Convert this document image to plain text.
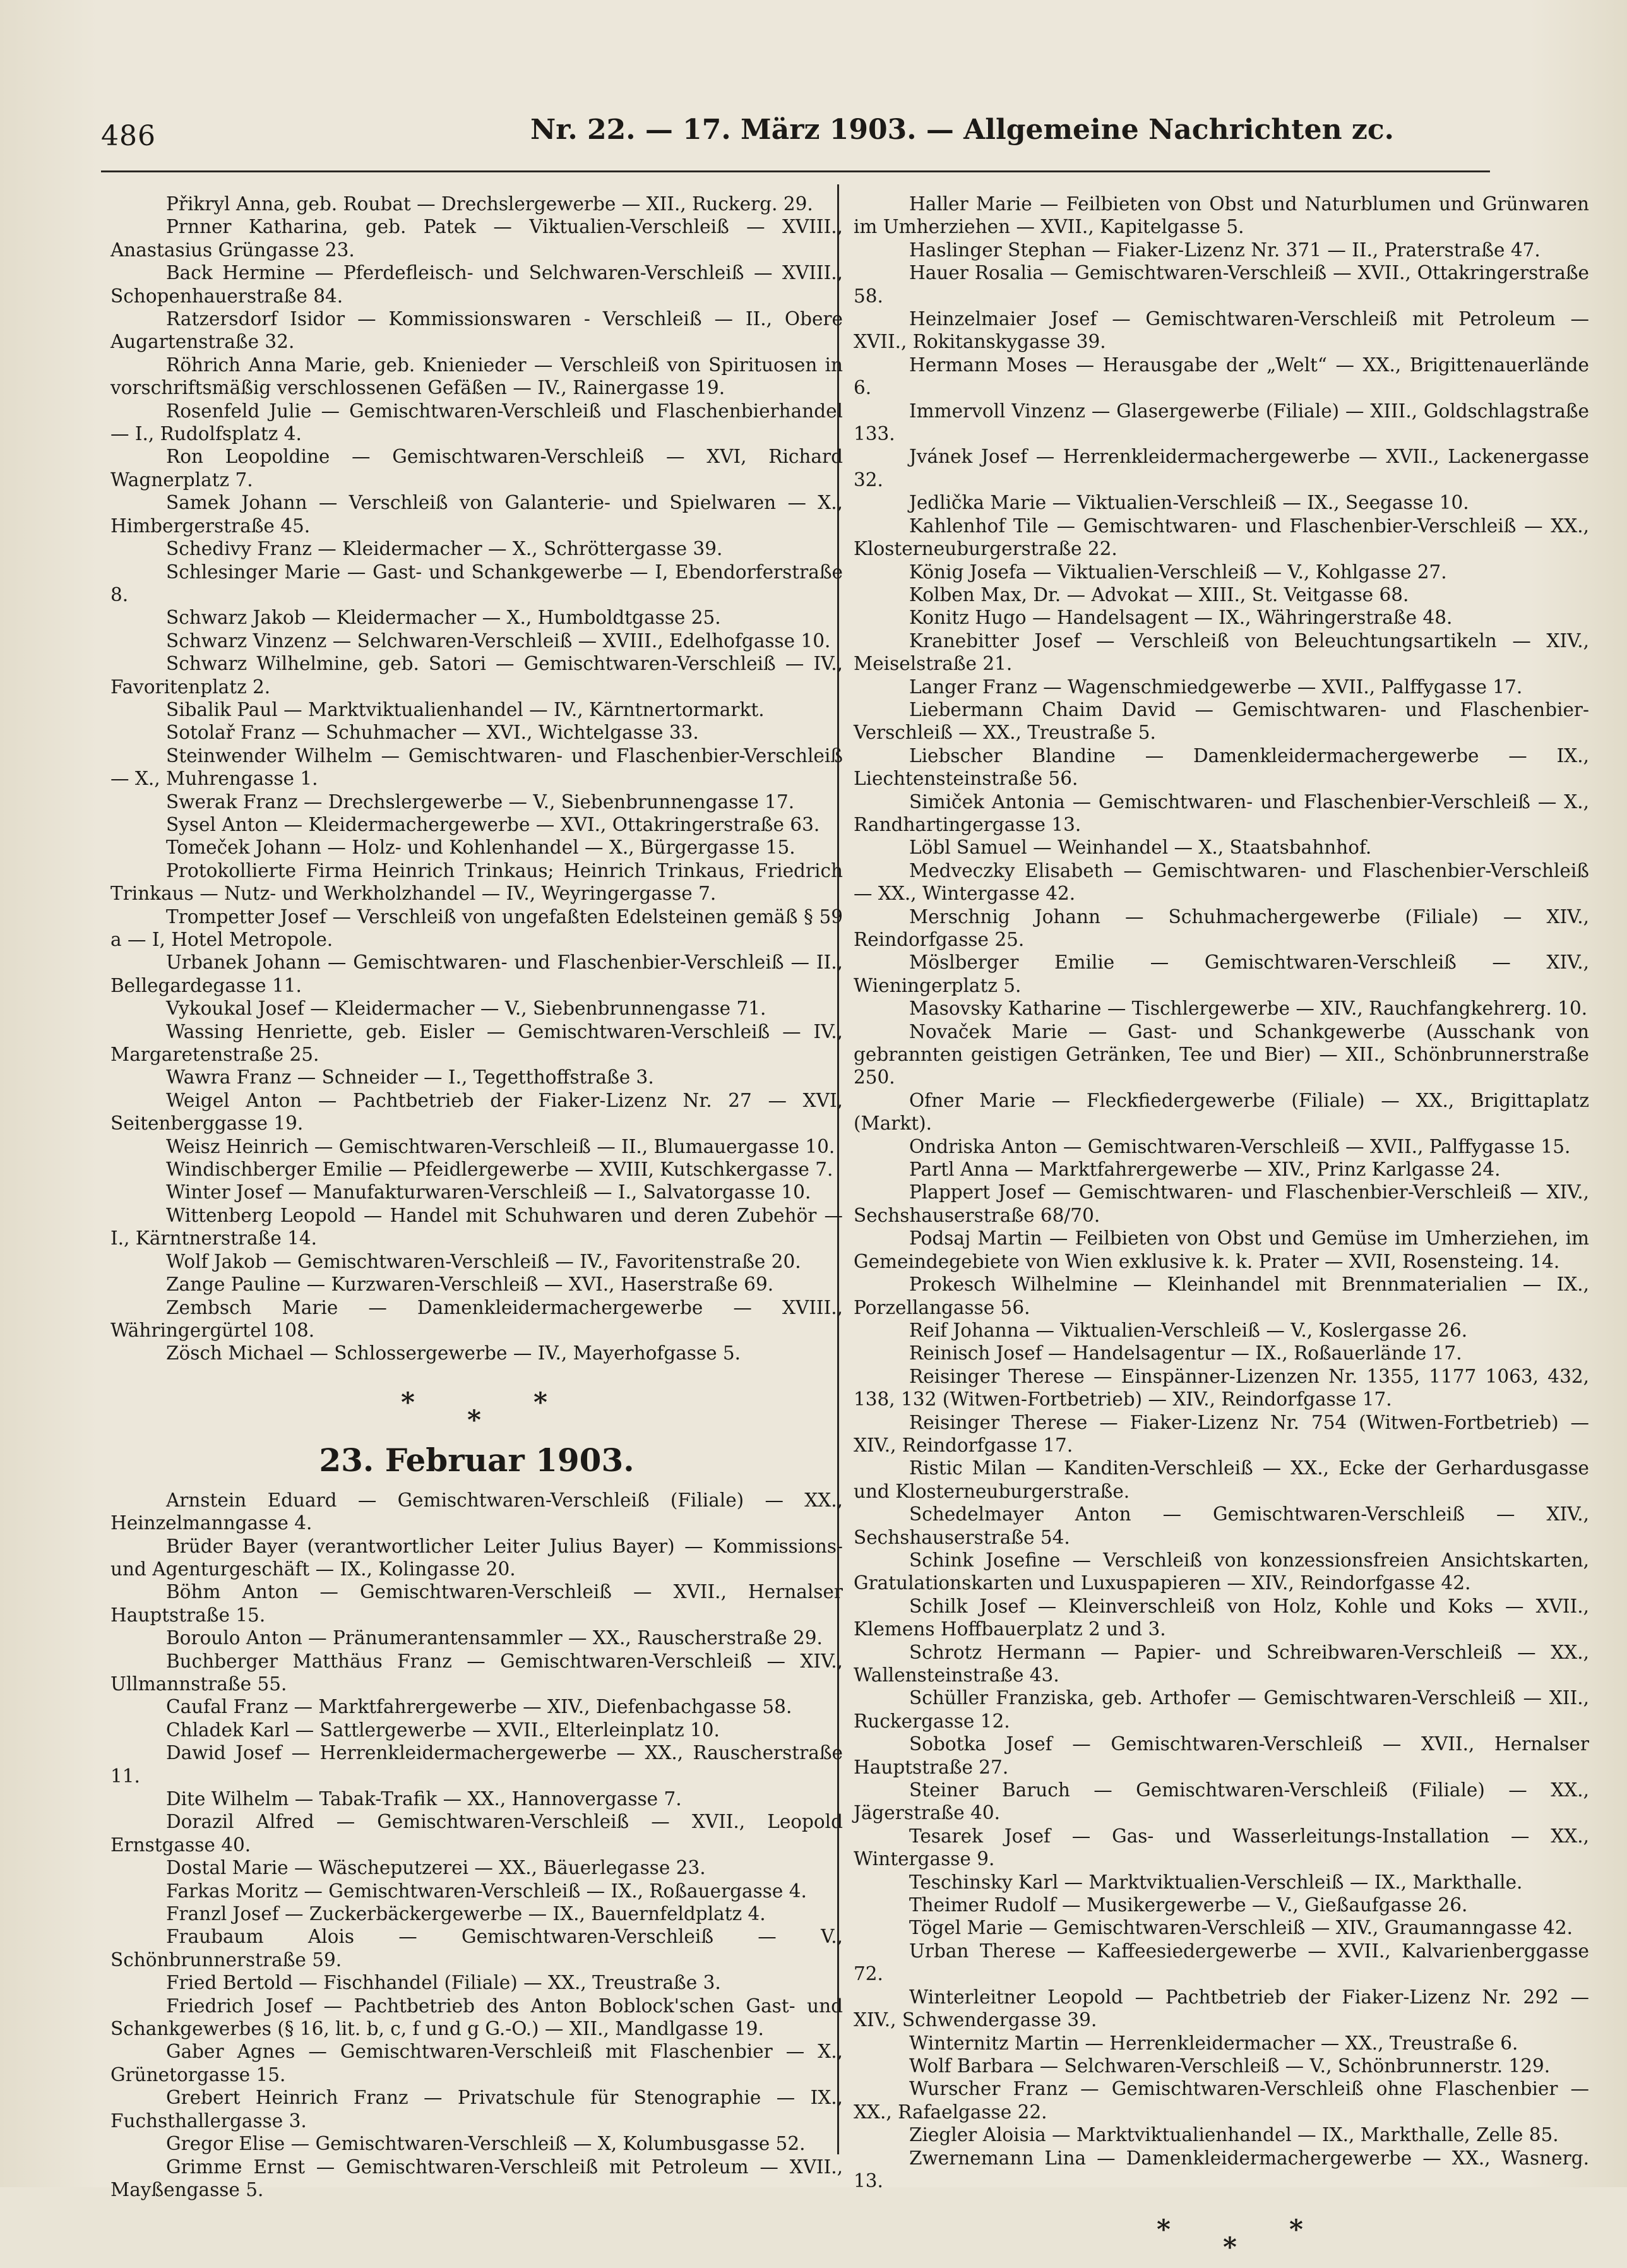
486	Nr. 22. — 17. März 1903. — Allgemeine Nachrichten zc.

Přikryl Anna, geb. Roubat — Drechslergewerbe — XII., Ruckerg. 29.

Prnner Katharina, geb. Patek — Viktualien-Verschleiß — XVIII., Anastasius Grüngasse 23.

Back Hermine — Pferdefleisch- und Selchwaren-Verschleiß — XVIII., Schopenhauerstraße 84.

Ratzersdorf Isidor — Kommissionswaren - Verschleiß — II., Obere Augartenstraße 32.

Röhrich Anna Marie, geb. Knienieder — Verschleiß von Spirituosen in vorschriftsmäßig verschlossenen Gefäßen — IV., Rainergasse 19.

Rosenfeld Julie — Gemischtwaren-Verschleiß und Flaschenbierhandel — I., Rudolfsplatz 4.

Ron Leopoldine — Gemischtwaren-Verschleiß — XVI, Richard Wagnerplatz 7.

Samek Johann — Verschleiß von Galanterie- und Spielwaren — X., Himbergerstraße 45.

Schedivy Franz — Kleidermacher — X., Schröttergasse 39.

Schlesinger Marie — Gast- und Schankgewerbe — I, Ebendorferstraße 8.

Schwarz Jakob — Kleidermacher — X., Humboldtgasse 25.

Schwarz Vinzenz — Selchwaren-Verschleiß — XVIII., Edelhofgasse 10.

Schwarz Wilhelmine, geb. Satori — Gemischtwaren-Verschleiß — IV., Favoritenplatz 2.

Sibalik Paul — Marktviktualienhandel — IV., Kärntnertormarkt.

Sotolař Franz — Schuhmacher — XVI., Wichtelgasse 33.

Steinwender Wilhelm — Gemischtwaren- und Flaschenbier-Verschleiß — X., Muhrengasse 1.

Swerak Franz — Drechslergewerbe — V., Siebenbrunnengasse 17.

Sysel Anton — Kleidermachergewerbe — XVI., Ottakringerstraße 63.

Tomeček Johann — Holz- und Kohlenhandel — X., Bürgergasse 15.

Protokollierte Firma Heinrich Trinkaus; Heinrich Trinkaus, Friedrich Trinkaus — Nutz- und Werkholzhandel — IV., Weyringergasse 7.

Trompetter Josef — Verschleiß von ungefaßten Edelsteinen gemäß § 59 a — I, Hotel Metropole.

Urbanek Johann — Gemischtwaren- und Flaschenbier-Verschleiß — II., Bellegardegasse 11.

Vykoukal Josef — Kleidermacher — V., Siebenbrunnengasse 71.

Wassing Henriette, geb. Eisler — Gemischtwaren-Verschleiß — IV., Margaretenstraße 25.

Wawra Franz — Schneider — I., Tegetthoffstraße 3.

Weigel Anton — Pachtbetrieb der Fiaker-Lizenz Nr. 27 — XVI, Seitenberggasse 19.

Weisz Heinrich — Gemischtwaren-Verschleiß — II., Blumauergasse 10.

Windischberger Emilie — Pfeidlergewerbe — XVIII, Kutschkergasse 7.

Winter Josef — Manufakturwaren-Verschleiß — I., Salvatorgasse 10.

Wittenberg Leopold — Handel mit Schuhwaren und deren Zubehör — I., Kärntnerstraße 14.

Wolf Jakob — Gemischtwaren-Verschleiß — IV., Favoritenstraße 20.

Zange Pauline — Kurzwaren-Verschleiß — XVI., Haserstraße 69.

Zembsch Marie — Damenkleidermachergewerbe — XVIII., Währingergürtel 108.

Zösch Michael — Schlossergewerbe — IV., Mayerhofgasse 5.

*
*
*
23. Februar 1903.

Arnstein Eduard — Gemischtwaren-Verschleiß (Filiale) — XX., Heinzelmanngasse 4.

Brüder Bayer (verantwortlicher Leiter Julius Bayer) — Kommissions- und Agenturgeschäft — IX., Kolingasse 20.

Böhm Anton — Gemischtwaren-Verschleiß — XVII., Hernalser Hauptstraße 15.

Boroulo Anton — Pränumerantensammler — XX., Rauscherstraße 29.

Buchberger Matthäus Franz — Gemischtwaren-Verschleiß — XIV., Ullmannstraße 55.

Caufal Franz — Marktfahrergewerbe — XIV., Diefenbachgasse 58.

Chladek Karl — Sattlergewerbe — XVII., Elterleinplatz 10.

Dawid Josef — Herrenkleidermachergewerbe — XX., Rauscherstraße 11.

Dite Wilhelm — Tabak-Trafik — XX., Hannovergasse 7.

Dorazil Alfred — Gemischtwaren-Verschleiß — XVII., Leopold Ernstgasse 40.

Dostal Marie — Wäscheputzerei — XX., Bäuerlegasse 23.

Farkas Moritz — Gemischtwaren-Verschleiß — IX., Roßauergasse 4.

Franzl Josef — Zuckerbäckergewerbe — IX., Bauernfeldplatz 4.

Fraubaum Alois — Gemischtwaren-Verschleiß — V., Schönbrunnerstraße 59.

Fried Bertold — Fischhandel (Filiale) — XX., Treustraße 3.

Friedrich Josef — Pachtbetrieb des Anton Boblock'schen Gast- und Schankgewerbes (§ 16, lit. b, c, f und g G.-O.) — XII., Mandlgasse 19.

Gaber Agnes — Gemischtwaren-Verschleiß mit Flaschenbier — X., Grünetorgasse 15.

Grebert Heinrich Franz — Privatschule für Stenographie — IX., Fuchsthallergasse 3.

Gregor Elise — Gemischtwaren-Verschleiß — X, Kolumbusgasse 52.

Grimme Ernst — Gemischtwaren-Verschleiß mit Petroleum — XVII., Mayßengasse 5.

Haller Marie — Feilbieten von Obst und Naturblumen und Grünwaren im Umherziehen — XVII., Kapitelgasse 5.

Haslinger Stephan — Fiaker-Lizenz Nr. 371 — II., Praterstraße 47.

Hauer Rosalia — Gemischtwaren-Verschleiß — XVII., Ottakringerstraße 58.

Heinzelmaier Josef — Gemischtwaren-Verschleiß mit Petroleum — XVII., Rokitanskygasse 39.

Hermann Moses — Herausgabe der „Welt“ — XX., Brigittenauerlände 6.

Immervoll Vinzenz — Glasergewerbe (Filiale) — XIII., Goldschlagstraße 133.

Jvánek Josef — Herrenkleidermachergewerbe — XVII., Lackenergasse 32.

Jedlička Marie — Viktualien-Verschleiß — IX., Seegasse 10.

Kahlenhof Tile — Gemischtwaren- und Flaschenbier-Verschleiß — XX., Klosterneuburgerstraße 22.

König Josefa — Viktualien-Verschleiß — V., Kohlgasse 27.

Kolben Max, Dr. — Advokat — XIII., St. Veitgasse 68.

Konitz Hugo — Handelsagent — IX., Währingerstraße 48.

Kranebitter Josef — Verschleiß von Beleuchtungsartikeln — XIV., Meiselstraße 21.

Langer Franz — Wagenschmiedgewerbe — XVII., Palffygasse 17.

Liebermann Chaim David — Gemischtwaren- und Flaschenbier-Verschleiß — XX., Treustraße 5.

Liebscher Blandine — Damenkleidermachergewerbe — IX., Liechtensteinstraße 56.

Simiček Antonia — Gemischtwaren- und Flaschenbier-Verschleiß — X., Randhartingergasse 13.

Löbl Samuel — Weinhandel — X., Staatsbahnhof.

Medveczky Elisabeth — Gemischtwaren- und Flaschenbier-Verschleiß — XX., Wintergasse 42.

Merschnig Johann — Schuhmachergewerbe (Filiale) — XIV., Reindorfgasse 25.

Möslberger Emilie — Gemischtwaren-Verschleiß — XIV., Wieningerplatz 5.

Masovsky Katharine — Tischlergewerbe — XIV., Rauchfangkehrerg. 10.

Novaček Marie — Gast- und Schankgewerbe (Ausschank von gebrannten geistigen Getränken, Tee und Bier) — XII., Schönbrunnerstraße 250.

Ofner Marie — Fleckfiedergewerbe (Filiale) — XX., Brigittaplatz (Markt).

Ondriska Anton — Gemischtwaren-Verschleiß — XVII., Palffygasse 15.

Partl Anna — Marktfahrergewerbe — XIV., Prinz Karlgasse 24.

Plappert Josef — Gemischtwaren- und Flaschenbier-Verschleiß — XIV., Sechshauserstraße 68/70.

Podsaj Martin — Feilbieten von Obst und Gemüse im Umherziehen, im Gemeindegebiete von Wien exklusive k. k. Prater — XVII, Rosensteing. 14.

Prokesch Wilhelmine — Kleinhandel mit Brennmaterialien — IX., Porzellangasse 56.

Reif Johanna — Viktualien-Verschleiß — V., Koslergasse 26.

Reinisch Josef — Handelsagentur — IX., Roßauerlände 17.

Reisinger Therese — Einspänner-Lizenzen Nr. 1355, 1177 1063, 432, 138, 132 (Witwen-Fortbetrieb) — XIV., Reindorfgasse 17.

Reisinger Therese — Fiaker-Lizenz Nr. 754 (Witwen-Fortbetrieb) — XIV., Reindorfgasse 17.

Ristic Milan — Kanditen-Verschleiß — XX., Ecke der Gerhardusgasse und Klosterneuburgerstraße.

Schedelmayer Anton — Gemischtwaren-Verschleiß — XIV., Sechshauserstraße 54.

Schink Josefine — Verschleiß von konzessionsfreien Ansichtskarten, Gratulationskarten und Luxuspapieren — XIV., Reindorfgasse 42.

Schilk Josef — Kleinverschleiß von Holz, Kohle und Koks — XVII., Klemens Hoffbauerplatz 2 und 3.

Schrotz Hermann — Papier- und Schreibwaren-Verschleiß — XX., Wallensteinstraße 43.

Schüller Franziska, geb. Arthofer — Gemischtwaren-Verschleiß — XII., Ruckergasse 12.

Sobotka Josef — Gemischtwaren-Verschleiß — XVII., Hernalser Hauptstraße 27.

Steiner Baruch — Gemischtwaren-Verschleiß (Filiale) — XX., Jägerstraße 40.

Tesarek Josef — Gas- und Wasserleitungs-Installation — XX., Wintergasse 9.

Teschinsky Karl — Marktviktualien-Verschleiß — IX., Markthalle.

Theimer Rudolf — Musikergewerbe — V., Gießaufgasse 26.

Tögel Marie — Gemischtwaren-Verschleiß — XIV., Graumanngasse 42.

Urban Therese — Kaffeesiedergewerbe — XVII., Kalvarienberggasse 72.

Winterleitner Leopold — Pachtbetrieb der Fiaker-Lizenz Nr. 292 — XIV., Schwendergasse 39.

Winternitz Martin — Herrenkleidermacher — XX., Treustraße 6.

Wolf Barbara — Selchwaren-Verschleiß — V., Schönbrunnerstr. 129.

Wurscher Franz — Gemischtwaren-Verschleiß ohne Flaschenbier — XX., Rafaelgasse 22.

Ziegler Aloisia — Marktviktualienhandel — IX., Markthalle, Zelle 85.

Zwernemann Lina — Damenkleidermachergewerbe — XX., Wasnerg. 13.

*
*
*
